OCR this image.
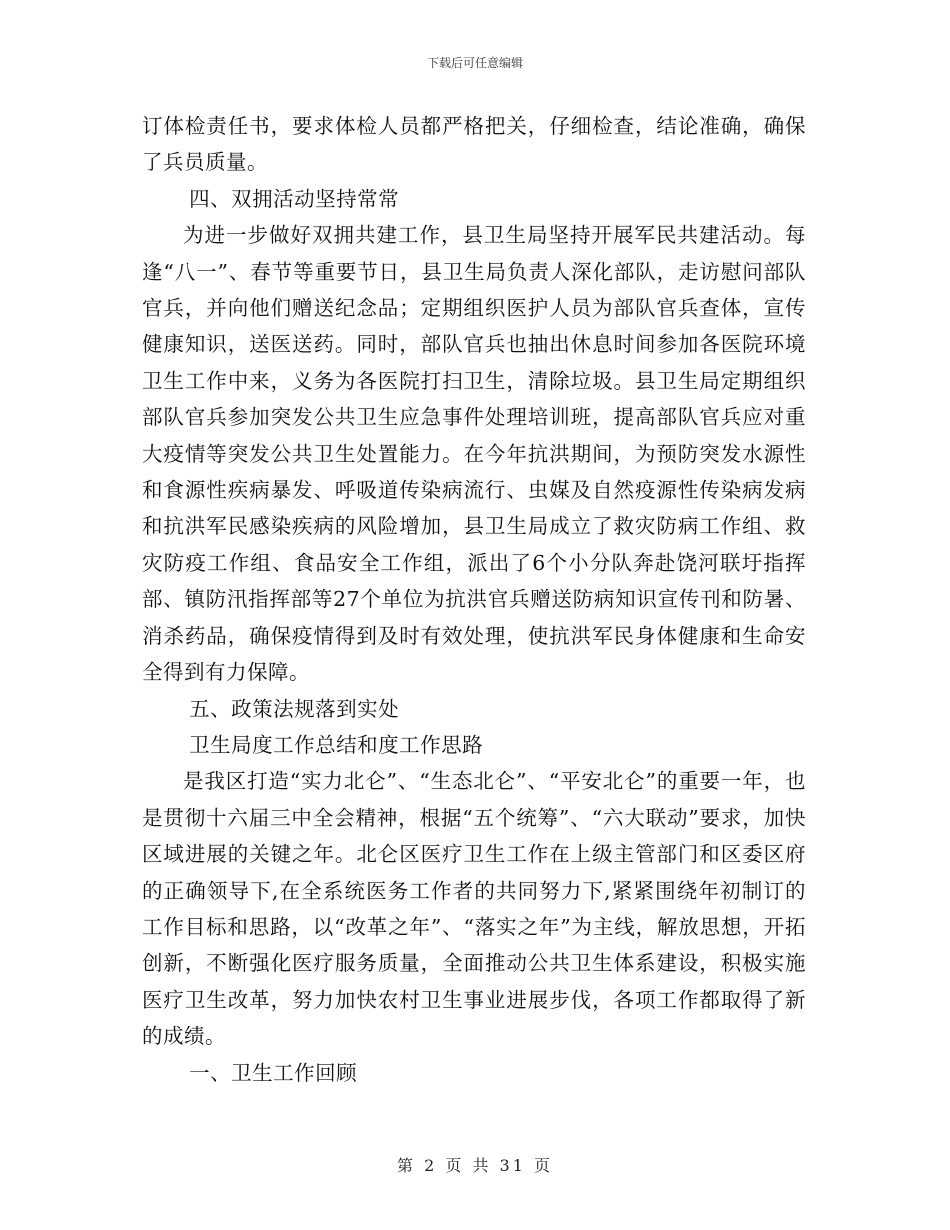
下载后可任意编辑

订体检责任书，要求体检人员都严格把关，仔细检查，结论准确，确保了兵员质量。

四、双拥活动坚持常常

为进一步做好双拥共建工作，县卫生局坚持开展军民共建活动。每逢“八一”、春节等重要节日，县卫生局负责人深化部队，走访慰问部队官兵，并向他们赠送纪念品；定期组织医护人员为部队官兵查体，宣传健康知识，送医送药。同时，部队官兵也抽出休息时间参加各医院环境卫生工作中来，义务为各医院打扫卫生，清除垃圾。县卫生局定期组织部队官兵参加突发公共卫生应急事件处理培训班，提高部队官兵应对重大疫情等突发公共卫生处置能力。在今年抗洪期间，为预防突发水源性和食源性疾病暴发、呼吸道传染病流行、虫媒及自然疫源性传染病发病和抗洪军民感染疾病的风险增加，县卫生局成立了救灾防病工作组、救灾防疫工作组、食品安全工作组，派出了6个小分队奔赴饶河联圩指挥部、镇防汛指挥部等27个单位为抗洪官兵赠送防病知识宣传刊和防暑、消杀药品，确保疫情得到及时有效处理，使抗洪军民身体健康和生命安全得到有力保障。

五、政策法规落到实处

卫生局度工作总结和度工作思路

是我区打造“实力北仑”、“生态北仑”、“平安北仑”的重要一年，也是贯彻十六届三中全会精神，根据“五个统筹”、“六大联动”要求，加快区域进展的关键之年。北仑区医疗卫生工作在上级主管部门和区委区府的正确领导下,在全系统医务工作者的共同努力下,紧紧围绕年初制订的工作目标和思路，以“改革之年”、“落实之年”为主线，解放思想，开拓创新，不断强化医疗服务质量，全面推动公共卫生体系建设，积极实施医疗卫生改革，努力加快农村卫生事业进展步伐，各项工作都取得了新的成绩。

一、卫生工作回顾

第 2 页 共 31 页
